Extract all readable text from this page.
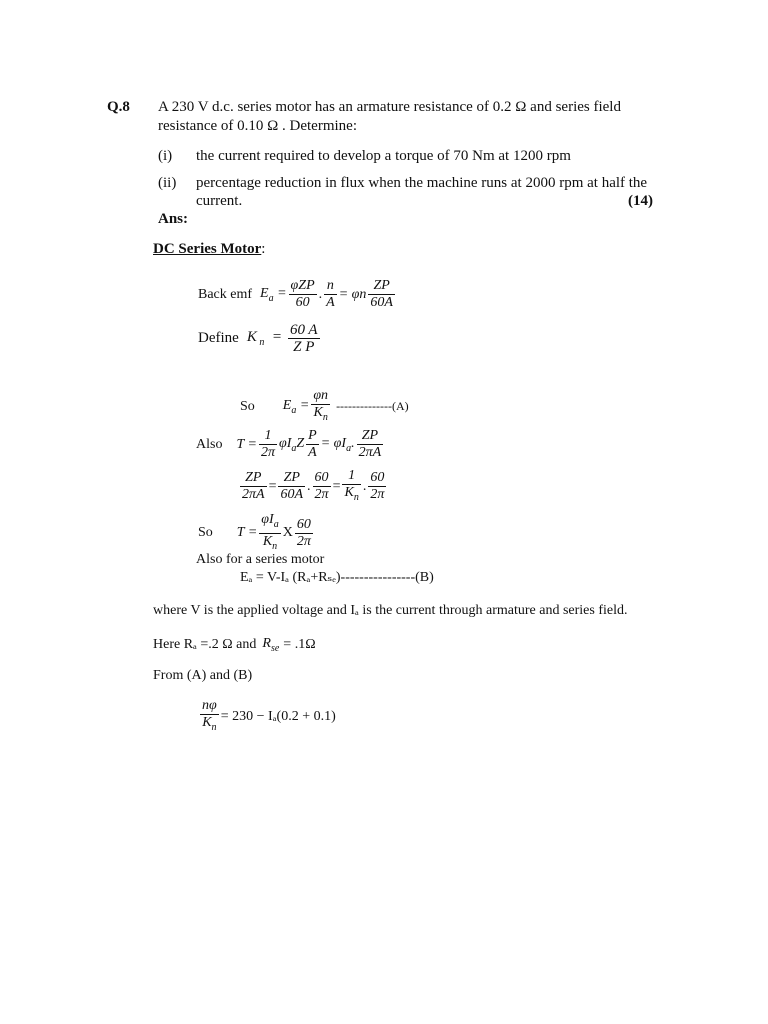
Q.8 A 230 V d.c. series motor has an armature resistance of 0.2 Ω and series field
resistance of 0.10 Ω . Determine:
(i) the current required to develop a torque of 70 Nm at 1200 rpm
(ii) percentage reduction in flux when the machine runs at 2000 rpm at half the
current.	(14)
Ans:
DC Series Motor:
Back emf $E_a = \frac{\text{φZP}}{60}$ . $\frac{n}{A} = \varphi n \frac{ZP}{60A}$
Define K $_n = \frac{60 A}{\text{Z P}}$
So $E_a = \frac{\varphi n}{K_n} --------------(A)$
Also $T = \frac{1}{2\pi} \varphi I_aZ \frac{P}{A} = \varphi I_a$. $\frac{ZP}{2\pi A}$
$\frac{ZP}{2\pi A} = \frac{ZP}{60A}$ . $\frac{60}{2\pi} = \frac{1}{K_n}$ . $\frac{60}{2\pi}$
So $T = \frac{\varphi I_a}{K_n}$ X $\frac{60}{2\pi}$
Also for a series motor
Eₐ = V-Iₐ (Rₐ+Rₛₑ)----------------(B)
where V is the applied voltage and Iₐ is the current through armature and series field.
Here Rₐ =.2 Ω and $R_{se} = .1\Omega$
From (A) and (B)
$\frac{n\varphi}{K_n} = 230 - I_a(0.2 + 0.1)$
